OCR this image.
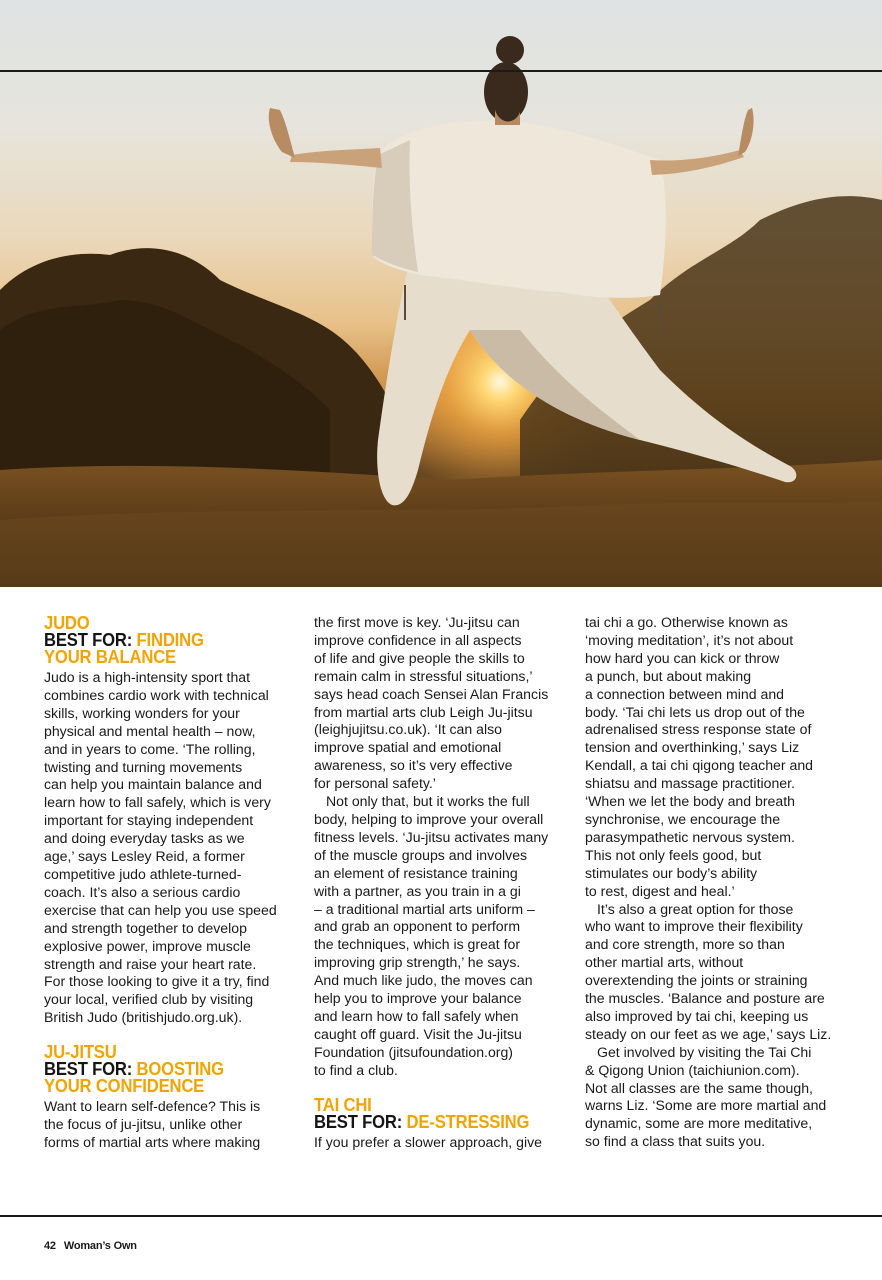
JUDO
BEST FOR: FINDING
YOUR BALANCE

Judo is a high-intensity sport that
combines cardio work with technical
skills, working wonders for your
physical and mental health – now,
and in years to come. ‘The rolling,
twisting and turning movements
can help you maintain balance and
learn how to fall safely, which is very
important for staying independent
and doing everyday tasks as we
age,’ says Lesley Reid, a former
competitive judo athlete-turned-
coach. It’s also a serious cardio
exercise that can help you use speed
and strength together to develop
explosive power, improve muscle
strength and raise your heart rate.
For those looking to give it a try, find
your local, verified club by visiting
British Judo (britishjudo.org.uk).

JU-JITSU
BEST FOR: BOOSTING
YOUR CONFIDENCE

Want to learn self-defence? This is
the focus of ju-jitsu, unlike other
forms of martial arts where making

the first move is key. ‘Ju-jitsu can
improve confidence in all aspects
of life and give people the skills to
remain calm in stressful situations,’
says head coach Sensei Alan Francis
from martial arts club Leigh Ju-jitsu
(leighjujitsu.co.uk). ‘It can also
improve spatial and emotional
awareness, so it’s very effective
for personal safety.’

Not only that, but it works the full
body, helping to improve your overall
fitness levels. ‘Ju-jitsu activates many
of the muscle groups and involves
an element of resistance training
with a partner, as you train in a gi
– a traditional martial arts uniform –
and grab an opponent to perform
the techniques, which is great for
improving grip strength,’ he says.
And much like judo, the moves can
help you to improve your balance
and learn how to fall safely when
caught off guard. Visit the Ju-jitsu
Foundation (jitsufoundation.org)
to find a club.

TAI CHI
BEST FOR: DE-STRESSING

If you prefer a slower approach, give

tai chi a go. Otherwise known as
‘moving meditation’, it’s not about
how hard you can kick or throw
a punch, but about making
a connection between mind and
body. ‘Tai chi lets us drop out of the
adrenalised stress response state of
tension and overthinking,’ says Liz
Kendall, a tai chi qigong teacher and
shiatsu and massage practitioner.
‘When we let the body and breath
synchronise, we encourage the
parasympathetic nervous system.
This not only feels good, but
stimulates our body’s ability
to rest, digest and heal.’

It’s also a great option for those
who want to improve their flexibility
and core strength, more so than
other martial arts, without
overextending the joints or straining
the muscles. ‘Balance and posture are
also improved by tai chi, keeping us
steady on our feet as we age,’ says Liz.

Get involved by visiting the Tai Chi
& Qigong Union (taichiunion.com).
Not all classes are the same though,
warns Liz. ‘Some are more martial and
dynamic, some are more meditative,
so find a class that suits you.

42 Woman’s Own
